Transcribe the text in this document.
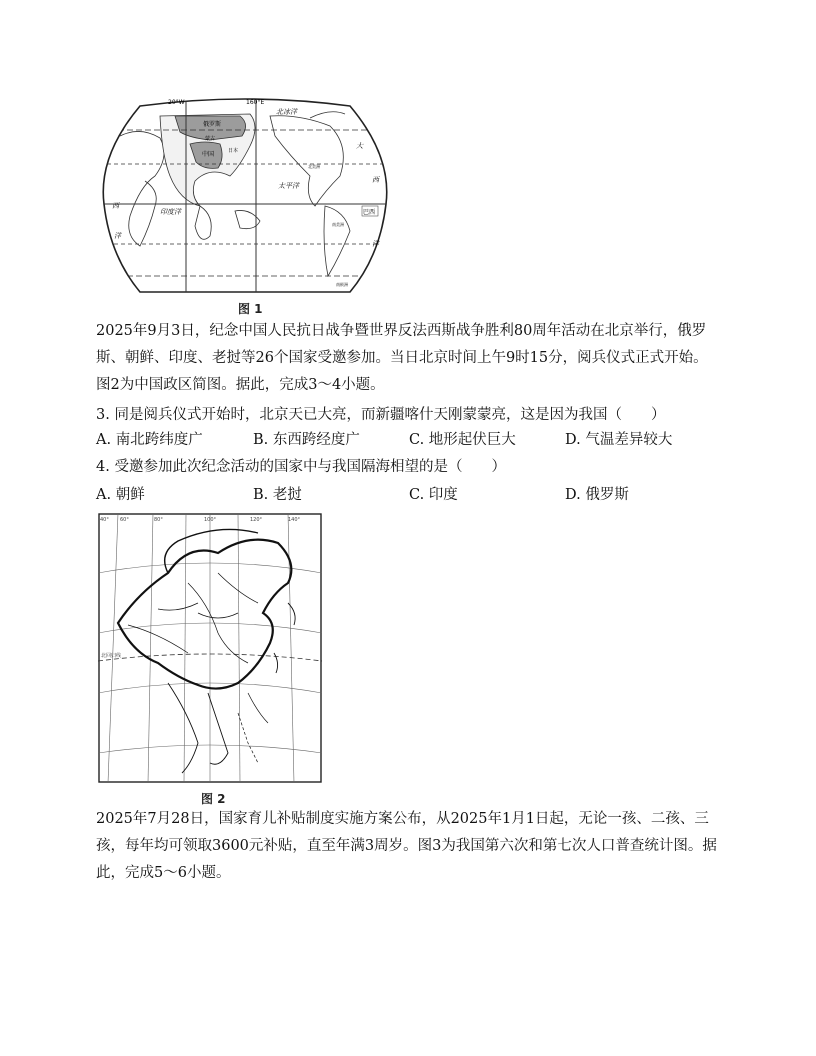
20°W	160°E
北冰洋
俄罗斯
蒙古
中国	日本
太平洋
印度洋
西
洋
大
西
洋
巴西
北美洲
南美洲
南极洲
图 1

2025年9月3日，纪念中国人民抗日战争暨世界反法西斯战争胜利80周年活动在北京举行，俄罗斯、朝鲜、印度、老挝等26个国家受邀参加。当日北京时间上午9时15分，阅兵仪式正式开始。图2为中国政区简图。据此，完成3～4小题。

3. 同是阅兵仪式开始时，北京天已大亮，而新疆喀什天刚蒙蒙亮，这是因为我国（　　）

A. 南北跨纬度广	B. 东西跨经度广	C. 地形起伏巨大	D. 气温差异较大

4. 受邀参加此次纪念活动的国家中与我国隔海相望的是（　　）

A. 朝鲜	B. 老挝	C. 印度	D. 俄罗斯
40° 60°	80°	100°	120°	140°
北回归线
图 2

2025年7月28日，国家育儿补贴制度实施方案公布，从2025年1月1日起，无论一孩、二孩、三孩，每年均可领取3600元补贴，直至年满3周岁。图3为我国第六次和第七次人口普查统计图。据此，完成5～6小题。
